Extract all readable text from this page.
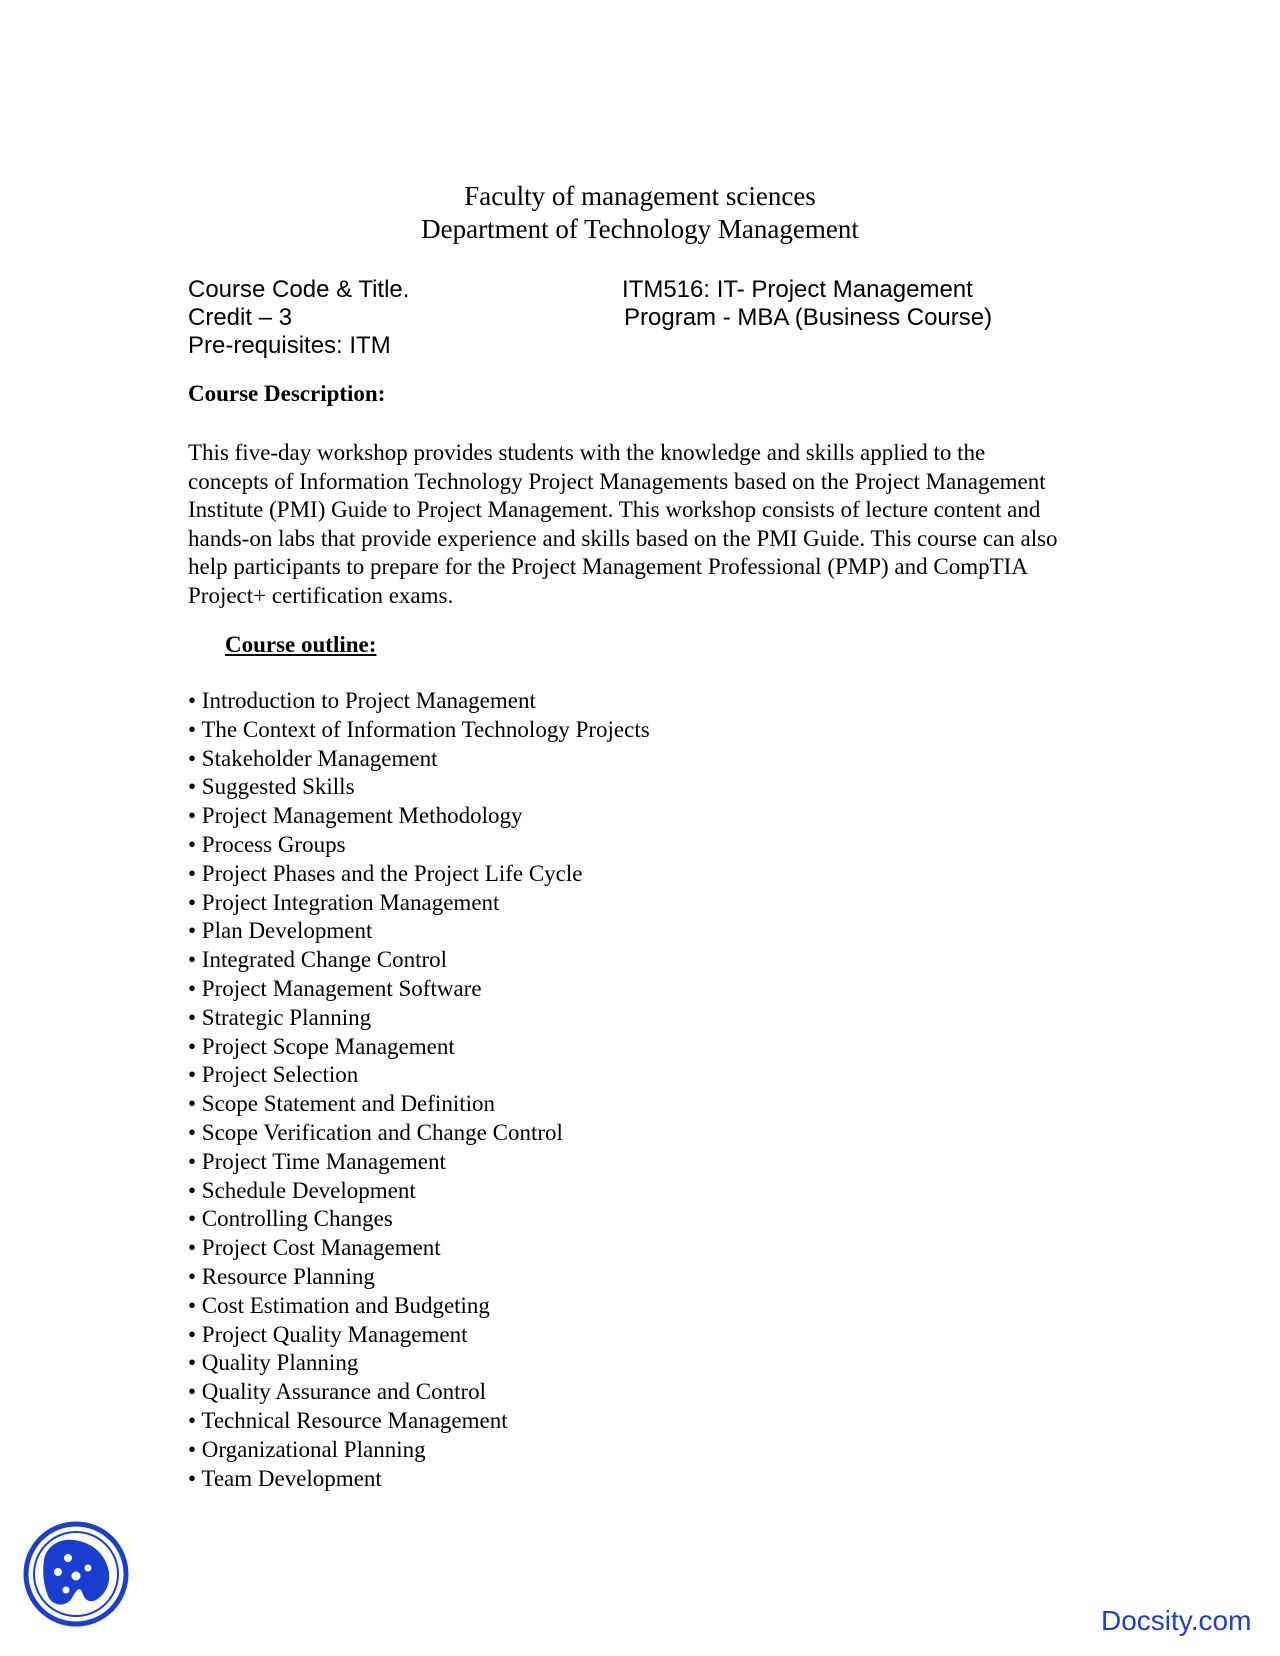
Faculty of management sciences
Department of Technology Management
Course Code & Title.	ITM516: IT- Project Management
Credit – 3	Program - MBA (Business Course)
Pre-requisites: ITM
Course Description:

This five-day workshop provides students with the knowledge and skills applied to the concepts of Information Technology Project Managements based on the Project Management Institute (PMI) Guide to Project Management. This workshop consists of lecture content and hands-on labs that provide experience and skills based on the PMI Guide. This course can also help participants to prepare for the Project Management Professional (PMP) and CompTIA Project+ certification exams.

Course outline:
• Introduction to Project Management
• The Context of Information Technology Projects
• Stakeholder Management
• Suggested Skills
• Project Management Methodology
• Process Groups
• Project Phases and the Project Life Cycle
• Project Integration Management
• Plan Development
• Integrated Change Control
• Project Management Software
• Strategic Planning
• Project Scope Management
• Project Selection
• Scope Statement and Definition
• Scope Verification and Change Control
• Project Time Management
• Schedule Development
• Controlling Changes
• Project Cost Management
• Resource Planning
• Cost Estimation and Budgeting
• Project Quality Management
• Quality Planning
• Quality Assurance and Control
• Technical Resource Management
• Organizational Planning
• Team Development
Docsity.com
